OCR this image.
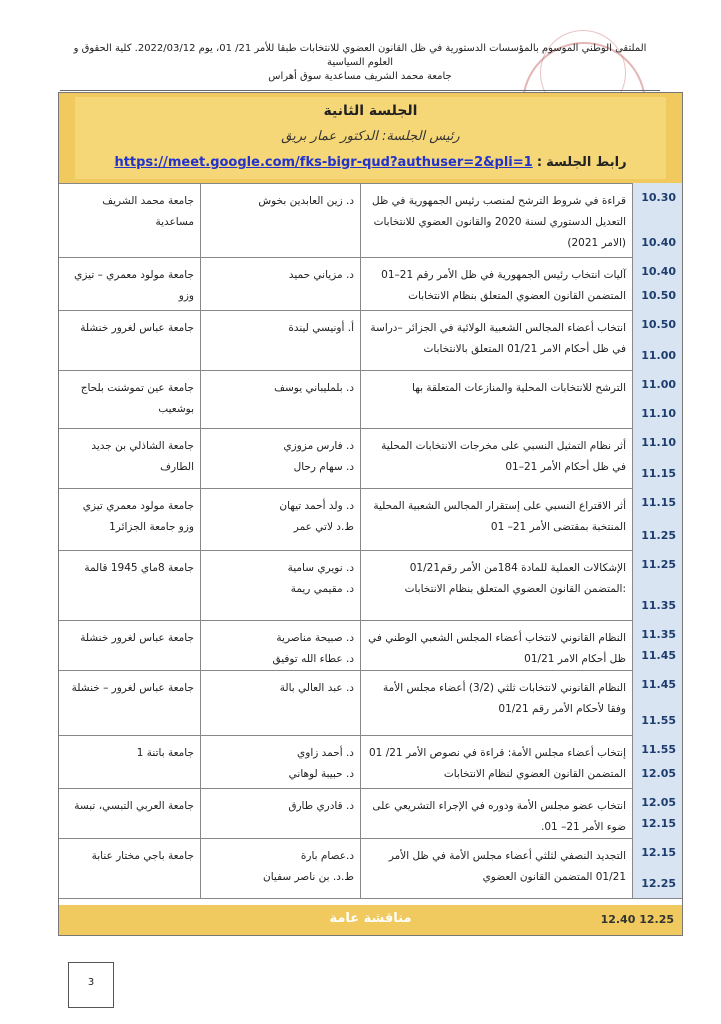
الملتقى الوطني الموسوم بالمؤسسات الدستورية في ظل القانون العضوي للانتخابات طبقا للأمر 21/ 01، يوم 2022/03/12. كلية الحقوق و العلوم السياسية
جامعة محمد الشريف مساعدية سوق أهراس
الجلسة الثانية
رئيس الجلسة: الدكتور عمار بريق
رابط الجلسة : https://meet.google.com/fks-bigr-qud?authuser=2&pli=1
10.30
10.40
قراءة في شروط الترشح لمنصب رئيس الجمهورية في ظل التعديل الدستوري لسنة 2020 والقانون العضوي للانتخابات (الامر 2021)
د. زين العابدين بخوش
جامعة محمد الشريف مساعدية
10.40
10.50
آليات انتخاب رئيس الجمهورية في ظل الأمر رقم 21–01 المتضمن القانون العضوي المتعلق بنظام الانتخابات
د. مزياني حميد
جامعة مولود معمري – تيزي وزو
10.50
11.00
انتخاب أعضاء المجالس الشعبية الولائية في الجزائر –دراسة في ظل أحكام الامر 01/21 المتعلق بالانتخابات
أ. أونيسي ليندة
جامعة عباس لغرور خنشلة
11.00
11.10
الترشح للانتخابات المحلية والمنازعات المتعلقة بها
د. بلمليباني يوسف
جامعة عين تموشنت بلحاج بوشعيب
11.10
11.15
أثر نظام التمثيل النسبي على مخرجات الانتخابات المحلية في ظل أحكام الأمر 21–01
د. فارس مزوزي
د. سهام رحال
جامعة الشاذلي بن جديد الطارف
11.15
11.25
أثر الاقتراع النسبي على إستقرار المجالس الشعبية المحلية المنتخبة بمقتضى الأمر 21– 01
د. ولد أحمد تيهان
ط.د لاتي عمر
جامعة مولود معمري تيزي وزو جامعة الجزائر1
11.25
11.35
الإشكالات العملية للمادة 184من الأمر رقم01/21 :المتضمن القانون العضوي المتعلق بنظام الانتخابات
د. نويري سامية
د. مقيمي ريمة
جامعة 8ماي 1945 قالمة
11.35
11.45
النظام القانوني لانتخاب أعضاء المجلس الشعبي الوطني في ظل أحكام الامر 01/21
د. صبيحة مناصرية
د. عطاء الله توفيق
جامعة عباس لغرور خنشلة
11.45
11.55
النظام القانوني لانتخابات ثلثي (3/2) أعضاء مجلس الأمة وفقا لأحكام الأمر رقم 01/21
د. عبد العالي بالة
جامعة عباس لغرور – خنشلة
11.55
12.05
إنتخاب أعضاء مجلس الأمة: قراءة في نصوص الأمر 21/ 01 المتضمن القانون العضوي لنظام الانتخابات
د. أحمد زاوي
د. حبيبة لوهاني
جامعة باتنة 1
12.05
12.15
انتخاب عضو مجلس الأمة ودوره في الإجراء التشريعي على ضوء الأمر 21– 01.
د. قادري طارق
جامعة العربي التبسي، تبسة
12.15
12.25
التجديد النصفي لثلثي أعضاء مجلس الأمة في ظل الأمر 01/21 المتضمن القانون العضوي
د.عصام بارة
ط.د. بن ناصر سفيان
جامعة باجي مختار عنابة
12.40 12.25
مناقشة عامة
3
